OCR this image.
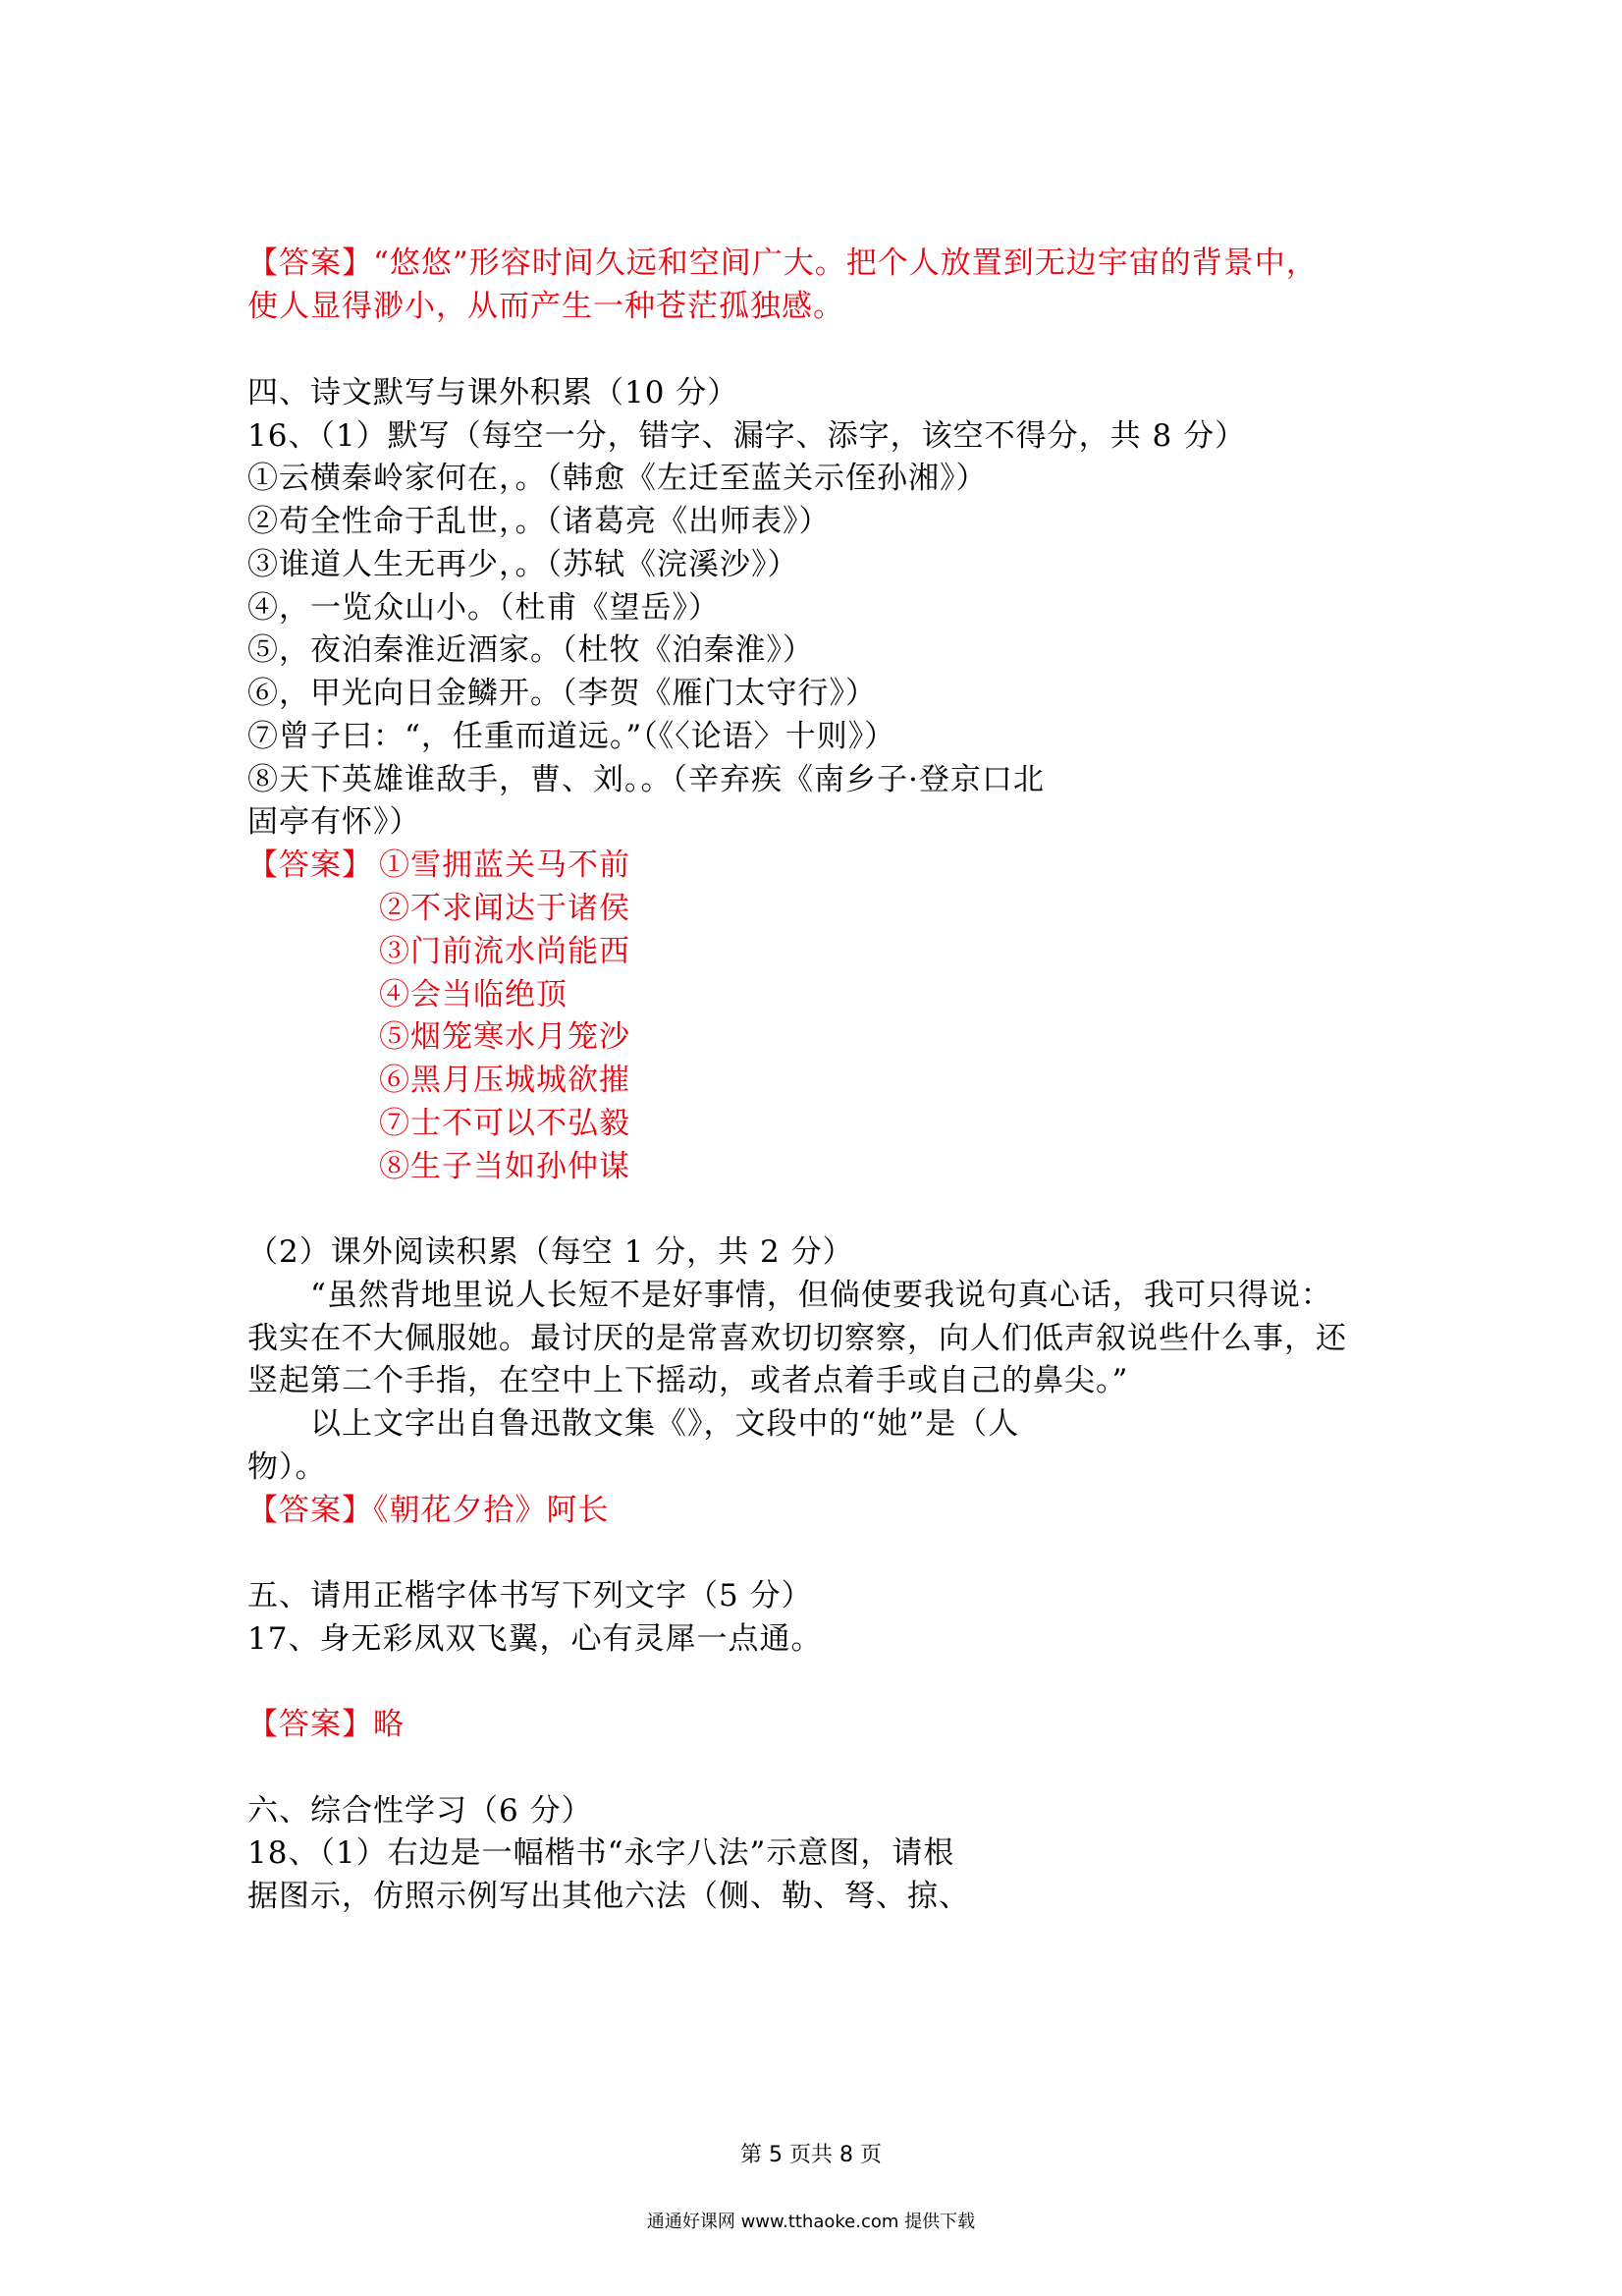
【答案】“悠悠”形容时间久远和空间广大。把个人放置到无边宇宙的背景中，

使人显得渺小，从而产生一种苍茫孤独感。

四、诗文默写与课外积累（10 分）

16、（1）默写（每空一分，错字、漏字、添字，该空不得分，共 8 分）

①云横秦岭家何在，。（韩愈《左迁至蓝关示侄孙湘》）

②苟全性命于乱世，。（诸葛亮《出师表》）

③谁道人生无再少，。（苏轼《浣溪沙》）

④，一览众山小。（杜甫《望岳》）

⑤，夜泊秦淮近酒家。（杜牧《泊秦淮》）

⑥，甲光向日金鳞开。（李贺《雁门太守行》）

⑦曾子曰：“，任重而道远。”（《〈论语〉十则》）

⑧天下英雄谁敌手，曹、刘。。（辛弃疾《南乡子·登京口北

固亭有怀》）

【答案】 ①雪拥蓝关马不前

②不求闻达于诸侯

③门前流水尚能西

④会当临绝顶

⑤烟笼寒水月笼沙

⑥黑月压城城欲摧

⑦士不可以不弘毅

⑧生子当如孙仲谋

（2）课外阅读积累（每空 1 分，共 2 分）

“虽然背地里说人长短不是好事情，但倘使要我说句真心话，我可只得说：

我实在不大佩服她。最讨厌的是常喜欢切切察察，向人们低声叙说些什么事，还

竖起第二个手指，在空中上下摇动，或者点着手或自己的鼻尖。”

以上文字出自鲁迅散文集《》，文段中的“她”是（人

物）。

【答案】《朝花夕拾》阿长

五、请用正楷字体书写下列文字（5 分）

17、身无彩凤双飞翼，心有灵犀一点通。

【答案】略

六、综合性学习（6 分）

18、（1）右边是一幅楷书“永字八法”示意图，请根

据图示，仿照示例写出其他六法（侧、勒、弩、掠、

第 5 页共 8 页

通通好课网 www.tthaoke.com 提供下载
